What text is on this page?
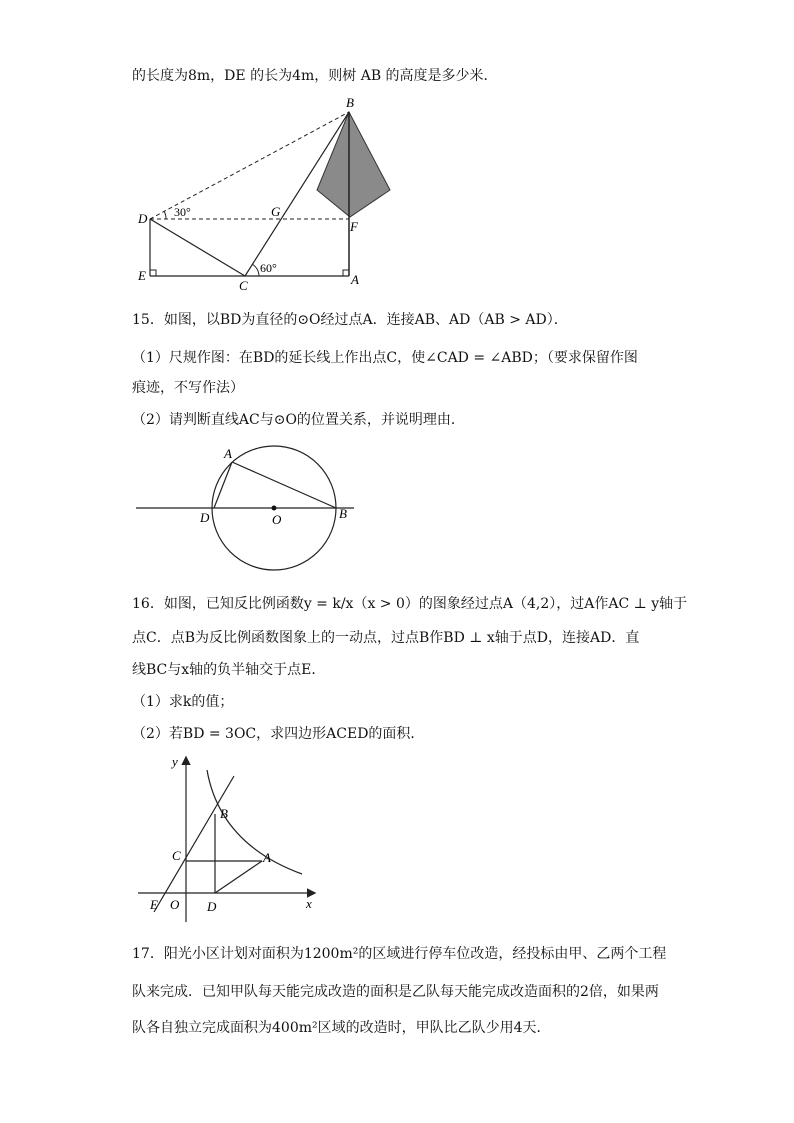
的长度为8m，DE 的长为4m，则树 AB 的高度是多少米．
B
D 30°	G
F
E
C
60°
A
15．如图，以BD为直径的⊙O经过点A．连接AB、AD（AB > AD）．
（1）尺规作图：在BD的延长线上作出点C，使∠CAD = ∠ABD；（要求保留作图
痕迹，不写作法）
（2）请判断直线AC与⊙O的位置关系，并说明理由．
A
D	O	B
16．如图，已知反比例函数y = k/x（x > 0）的图象经过点A（4,2），过A作AC ⊥ y轴于
点C．点B为反比例函数图象上的一动点，过点B作BD ⊥ x轴于点D，连接AD．直
线BC与x轴的负半轴交于点E．
（1）求k的值；
（2）若BD = 3OC，求四边形ACED的面积．
y
B
C	A
E O D	x
17．阳光小区计划对面积为1200m²的区域进行停车位改造，经投标由甲、乙两个工程
队来完成．已知甲队每天能完成改造的面积是乙队每天能完成改造面积的2倍，如果两
队各自独立完成面积为400m²区域的改造时，甲队比乙队少用4天．
